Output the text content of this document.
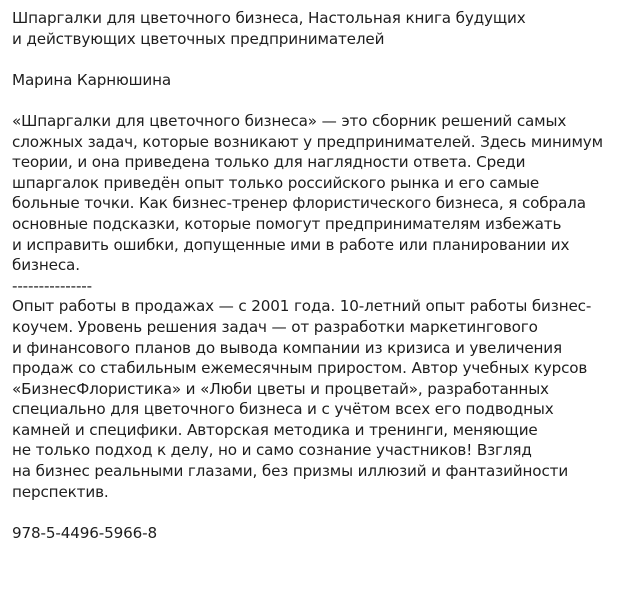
Шпаргалки для цветочного бизнеса, Настольная книга будущих
и действующих цветочных предпринимателей
Марина Карнюшина
«Шпаргалки для цветочного бизнеса» — это сборник решений самых
сложных задач, которые возникают у предпринимателей. Здесь минимум
теории, и она приведена только для наглядности ответа. Среди
шпаргалок приведён опыт только российского рынка и его самые
больные точки. Как бизнес-тренер флористического бизнеса, я собрала
основные подсказки, которые помогут предпринимателям избежать
и исправить ошибки, допущенные ими в работе или планировании их
бизнеса.
---------------
Опыт работы в продажах — с 2001 года. 10-летний опыт работы бизнес-
коучем. Уровень решения задач — от разработки маркетингового
и финансового планов до вывода компании из кризиса и увеличения
продаж со стабильным ежемесячным приростом. Автор учебных курсов
«БизнесФлористика» и «Люби цветы и процветай», разработанных
специально для цветочного бизнеса и с учётом всех его подводных
камней и специфики. Авторская методика и тренинги, меняющие
не только подход к делу, но и само сознание участников! Взгляд
на бизнес реальными глазами, без призмы иллюзий и фантазийности
перспектив.
978-5-4496-5966-8
